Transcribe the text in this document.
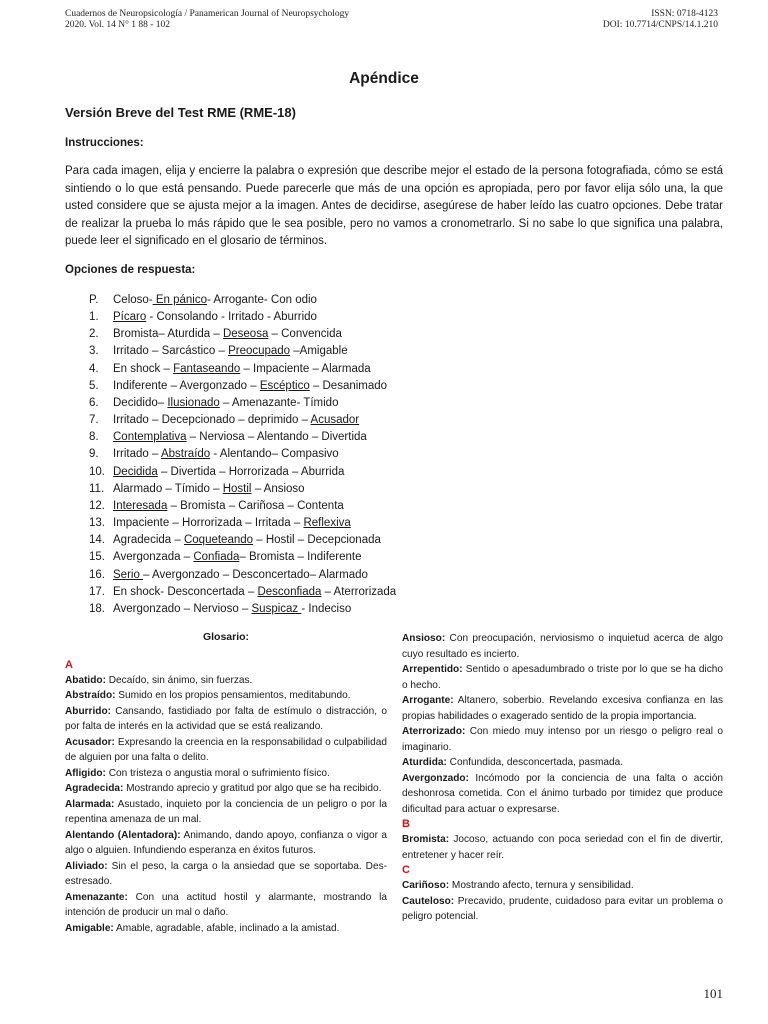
Cuadernos de Neuropsicología / Panamerican Journal of Neuropsychology
2020. Vol. 14 N° 1 88 - 102
ISSN: 0718-4123
DOI: 10.7714/CNPS/14.1.210
Apéndice
Versión Breve del Test RME (RME-18)
Instrucciones:

Para cada imagen, elija y encierre la palabra o expresión que describe mejor el estado de la persona fotografiada, cómo se está sintiendo o lo que está pensando. Puede parecerle que más de una opción es apropiada, pero por favor elija sólo una, la que usted considere que se ajusta mejor a la imagen. Antes de decidirse, asegúrese de haber leído las cuatro opciones. Debe tratar de realizar la prueba lo más rápido que le sea posible, pero no vamos a cronometrarlo. Si no sabe lo que significa una palabra, puede leer el significado en el glosario de términos.

Opciones de respuesta:
P. Celoso- En pánico- Arrogante- Con odio
1. Pícaro - Consolando - Irritado - Aburrido
2. Bromista– Aturdida – Deseosa – Convencida
3. Irritado – Sarcástico – Preocupado –Amigable
4. En shock – Fantaseando – Impaciente – Alarmada
5. Indiferente – Avergonzado – Escéptico – Desanimado
6. Decidido– Ilusionado – Amenazante- Tímido
7. Irritado – Decepcionado – deprimido – Acusador
8. Contemplativa – Nerviosa – Alentando – Divertida
9. Irritado – Abstraído - Alentando– Compasivo
10. Decidida – Divertida – Horrorizada – Aburrida
11. Alarmado – Tímido – Hostil – Ansioso
12. Interesada – Bromista – Cariñosa – Contenta
13. Impaciente – Horrorizada – Irritada – Reflexiva
14. Agradecida – Coqueteando – Hostil – Decepcionada
15. Avergonzada – Confiada– Bromista – Indiferente
16. Serio – Avergonzado – Desconcertado– Alarmado
17. En shock- Desconcertada – Desconfiada – Aterrorizada
18. Avergonzado – Nervioso – Suspicaz - Indeciso
Glosario:
A

Abatido: Decaído, sin ánimo, sin fuerzas.

Abstraído: Sumido en los propios pensamientos, meditabundo.

Aburrido: Cansando, fastidiado por falta de estímulo o distracción, o por falta de interés en la actividad que se está realizando.

Acusador: Expresando la creencia en la responsabilidad o culpabilidad de alguien por una falta o delito.

Afligido: Con tristeza o angustia moral o sufrimiento físico.

Agradecida: Mostrando aprecio y gratitud por algo que se ha recibido.

Alarmada: Asustado, inquieto por la conciencia de un peligro o por la repentina amenaza de un mal.

Alentando (Alentadora): Animando, dando apoyo, confianza o vigor a algo o alguien. Infundiendo esperanza en éxitos futuros.

Aliviado: Sin el peso, la carga o la ansiedad que se soportaba. Des-estresado.

Amenazante: Con una actitud hostil y alarmante, mostrando la intención de producir un mal o daño.

Amigable: Amable, agradable, afable, inclinado a la amistad.

Ansioso: Con preocupación, nerviosismo o inquietud acerca de algo cuyo resultado es incierto.

Arrepentido: Sentido o apesadumbrado o triste por lo que se ha dicho o hecho.

Arrogante: Altanero, soberbio. Revelando excesiva confianza en las propias habilidades o exagerado sentido de la propia importancia.

Aterrorizado: Con miedo muy intenso por un riesgo o peligro real o imaginario.

Aturdida: Confundida, desconcertada, pasmada.

Avergonzado: Incómodo por la conciencia de una falta o acción deshonrosa cometida. Con el ánimo turbado por timidez que produce dificultad para actuar o expresarse.

B

Bromista: Jocoso, actuando con poca seriedad con el fin de divertir, entretener y hacer reír.

C

Cariñoso: Mostrando afecto, ternura y sensibilidad.

Cauteloso: Precavido, prudente, cuidadoso para evitar un problema o peligro potencial.

101
